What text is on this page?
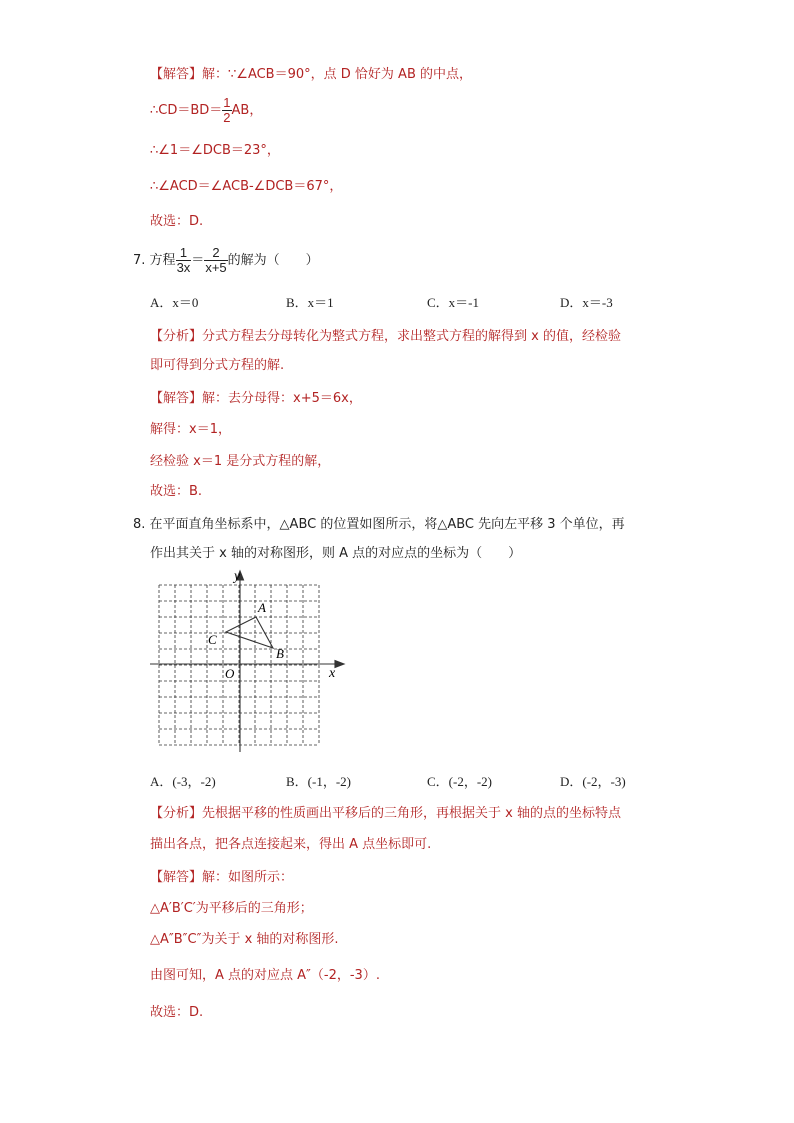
【解答】解：∵∠ACB＝90°，点 D 恰好为 AB 的中点，
∴CD＝BD＝ $\frac{1}{2}$ AB，
∴∠1＝∠DCB＝23°，
∴∠ACD＝∠ACB-∠DCB＝67°，
故选：D.
7. 方程 $\frac{1}{3x} = \frac{2}{x+5}$ 的解为（　　）
A．x＝0	B．x＝1	C．x＝-1	D．x＝-3
【分析】分式方程去分母转化为整式方程，求出整式方程的解得到 x 的值，经检验
即可得到分式方程的解.
【解答】解：去分母得：x+5＝6x，
解得：x＝1，
经检验 x＝1 是分式方程的解，
故选：B.
8. 在平面直角坐标系中，△ABC 的位置如图所示，将△ABC 先向左平移 3 个单位，再
作出其关于 x 轴的对称图形，则 A 点的对应点的坐标为（　　）
y
x
O
A
B
C
A．(-3，-2)	B．(-1，-2)	C．(-2，-2)	D．(-2，-3)
【分析】先根据平移的性质画出平移后的三角形，再根据关于 x 轴的点的坐标特点
描出各点，把各点连接起来，得出 A 点坐标即可.
【解答】解：如图所示：
△A′B′C′为平移后的三角形；
△A″B″C″为关于 x 轴的对称图形.
由图可知，A 点的对应点 A″（-2，-3）.
故选：D.
